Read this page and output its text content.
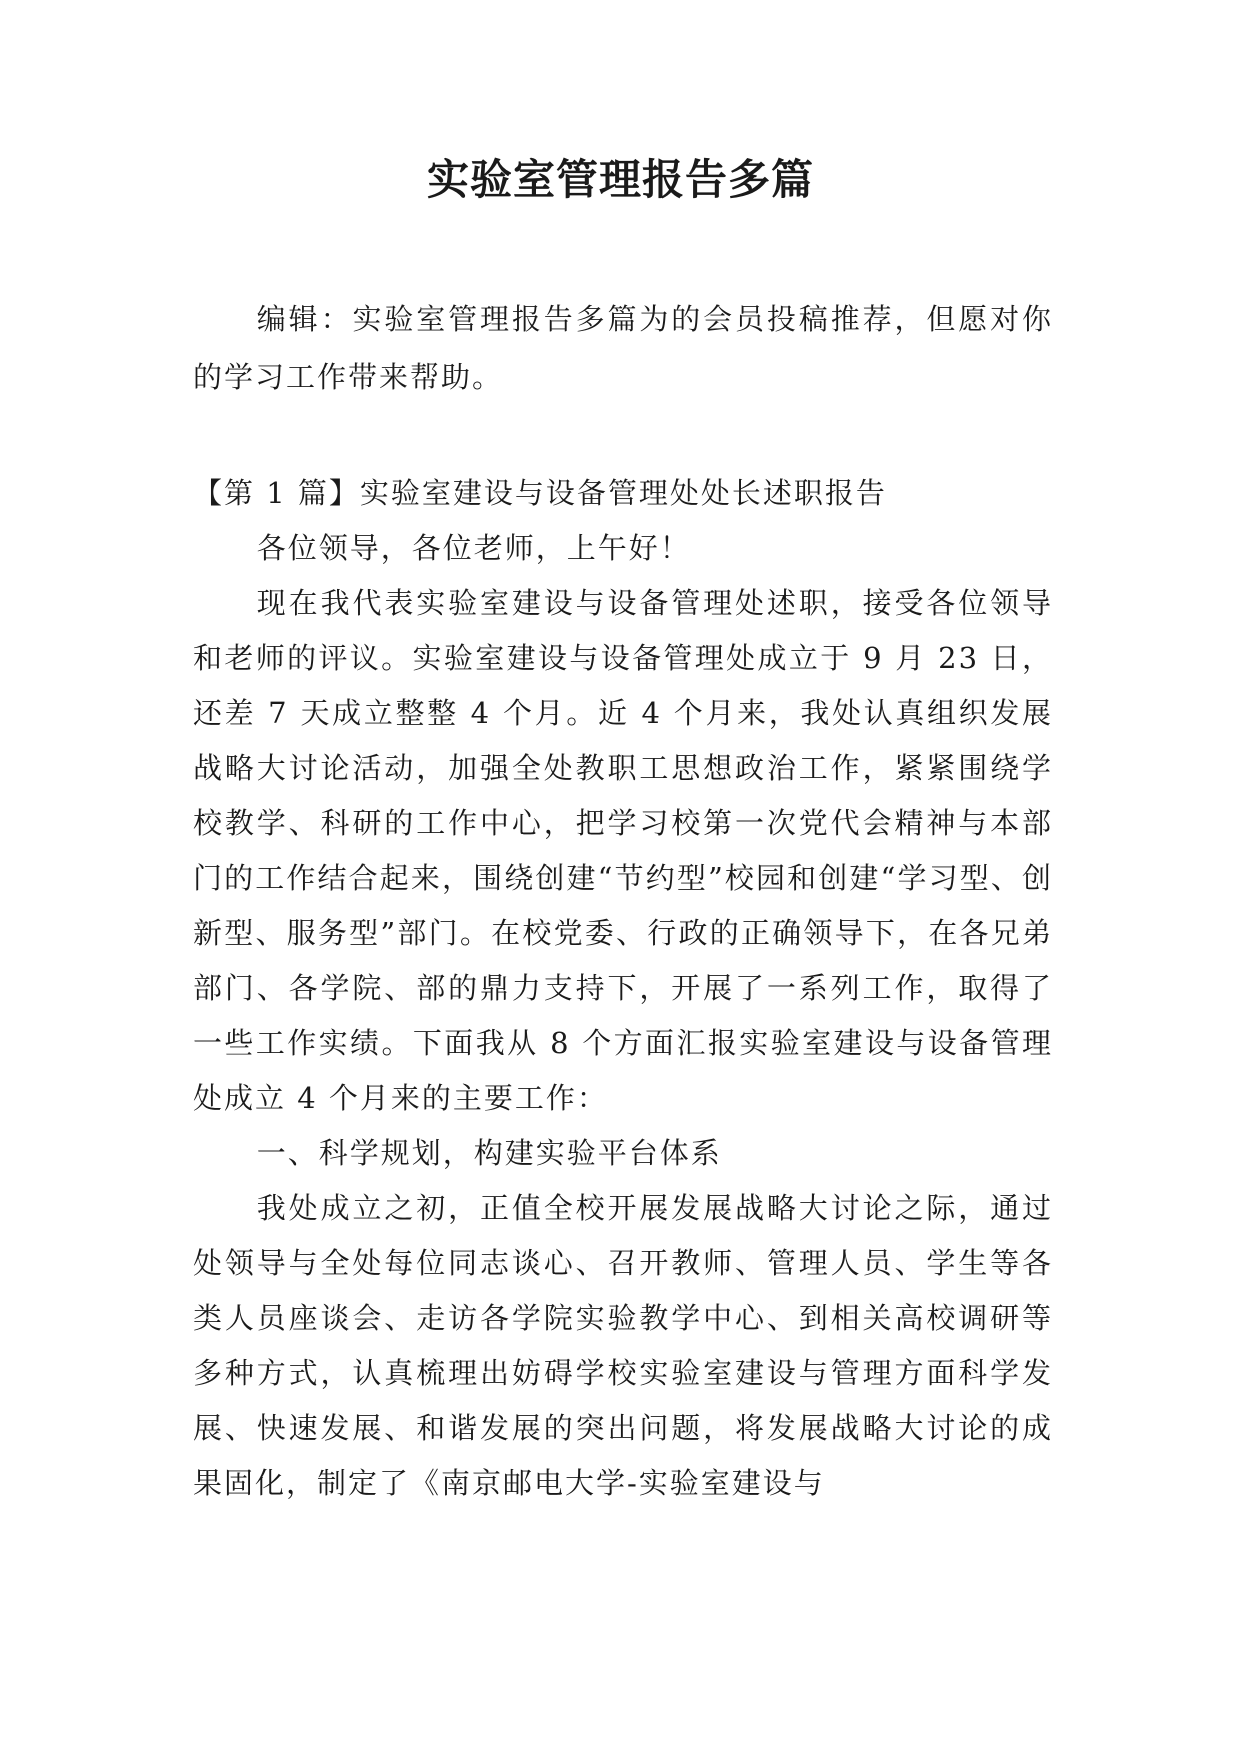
实验室管理报告多篇

编辑：实验室管理报告多篇为的会员投稿推荐，但愿对你的学习工作带来帮助。

【第 1 篇】实验室建设与设备管理处处长述职报告

各位领导，各位老师，上午好！

现在我代表实验室建设与设备管理处述职，接受各位领导和老师的评议。实验室建设与设备管理处成立于 9 月 23 日，还差 7 天成立整整 4 个月。近 4 个月来，我处认真组织发展战略大讨论活动，加强全处教职工思想政治工作，紧紧围绕学校教学、科研的工作中心，把学习校第一次党代会精神与本部门的工作结合起来，围绕创建“节约型”校园和创建“学习型、创新型、服务型”部门。在校党委、行政的正确领导下，在各兄弟部门、各学院、部的鼎力支持下，开展了一系列工作，取得了一些工作实绩。下面我从 8 个方面汇报实验室建设与设备管理处成立 4 个月来的主要工作：

一、科学规划，构建实验平台体系

我处成立之初，正值全校开展发展战略大讨论之际，通过处领导与全处每位同志谈心、召开教师、管理人员、学生等各类人员座谈会、走访各学院实验教学中心、到相关高校调研等多种方式，认真梳理出妨碍学校实验室建设与管理方面科学发展、快速发展、和谐发展的突出问题，将发展战略大讨论的成果固化，制定了《南京邮电大学-实验室建设与
